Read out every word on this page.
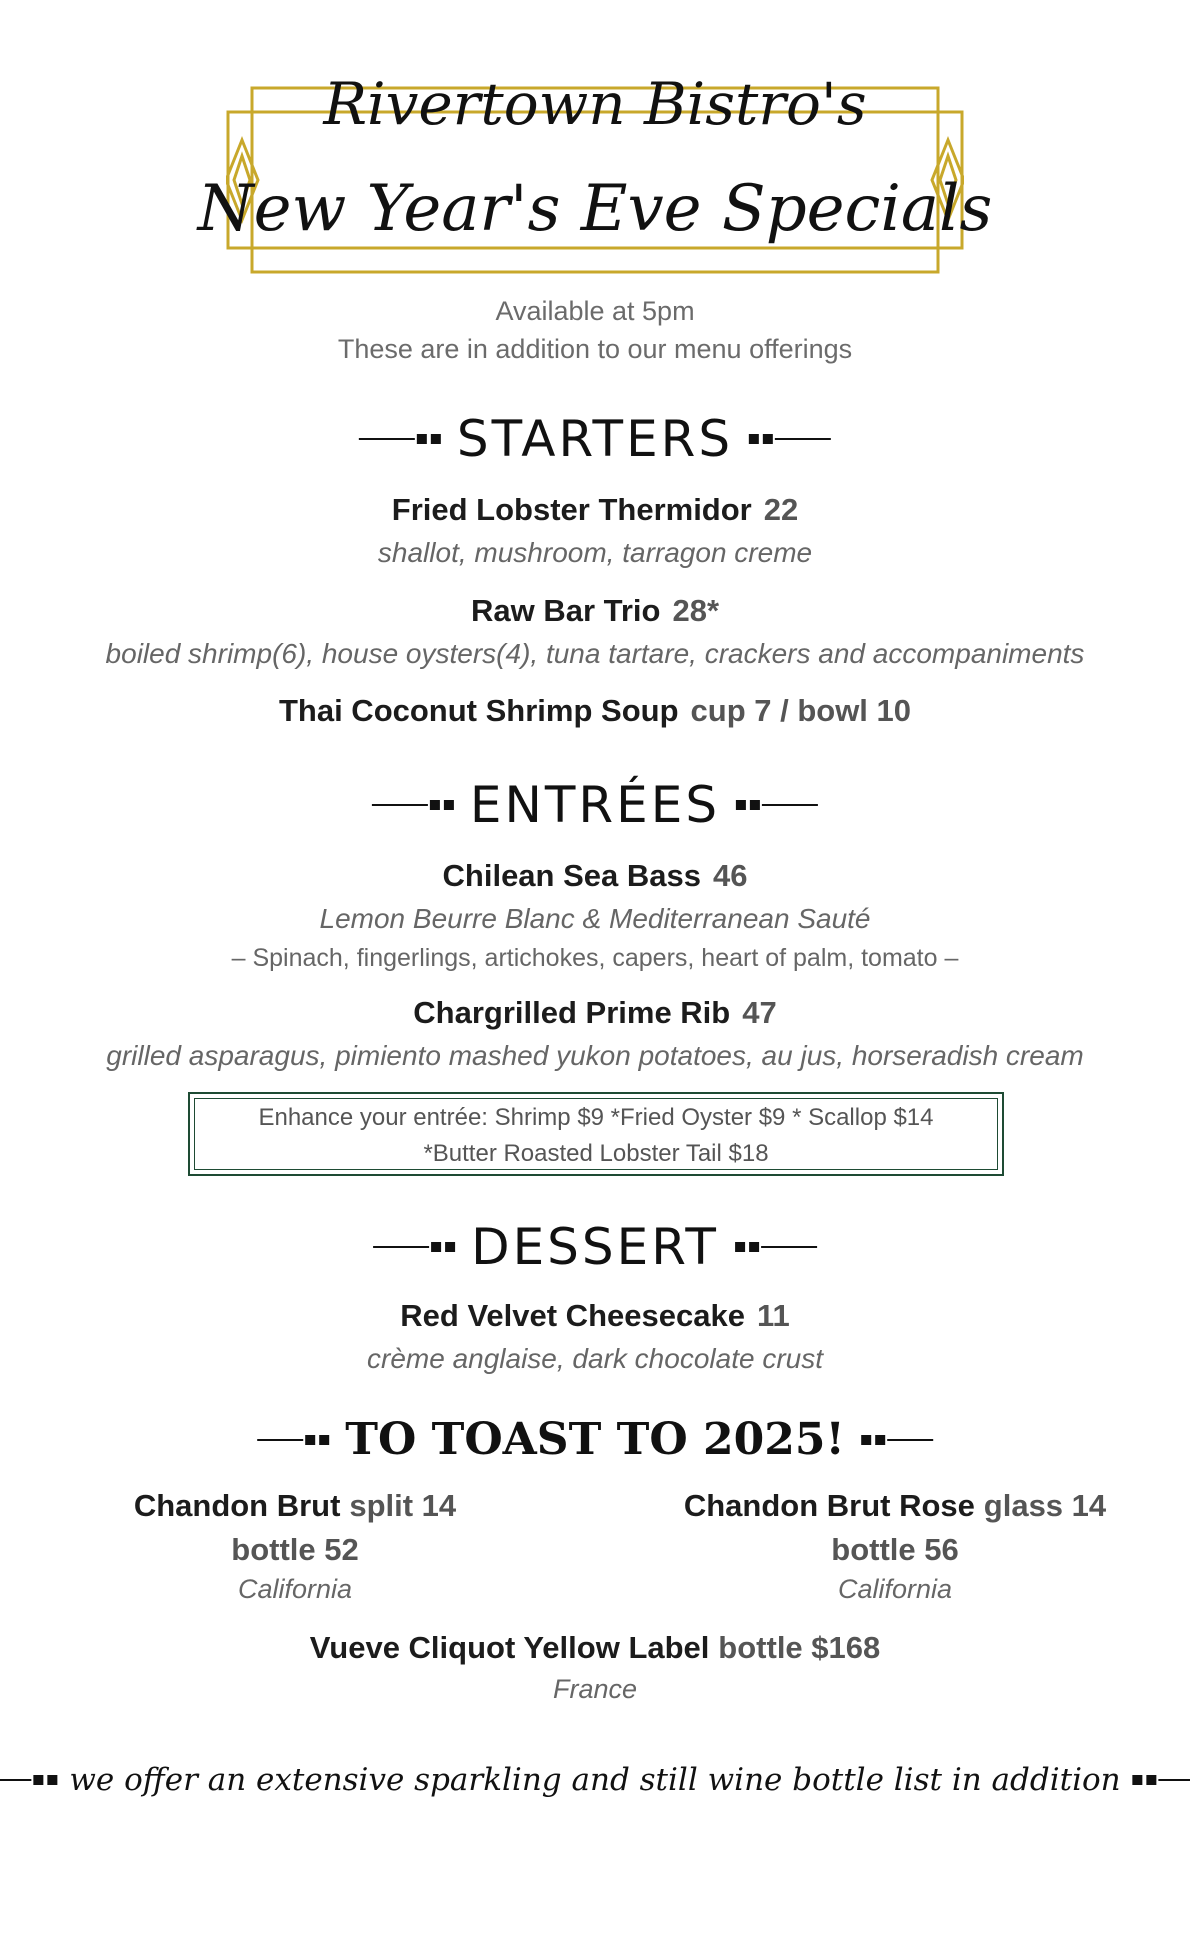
Rivertown Bistro's
New Year's Eve Specials
Available at 5pm
These are in addition to our menu offerings
STARTERS
Fried Lobster Thermidor 22
shallot, mushroom, tarragon creme
Raw Bar Trio 28*
boiled shrimp(6), house oysters(4), tuna tartare, crackers and accompaniments
Thai Coconut Shrimp Soup cup 7 / bowl 10
ENTRÉES
Chilean Sea Bass 46
Lemon Beurre Blanc & Mediterranean Sauté
– Spinach, fingerlings, artichokes, capers, heart of palm, tomato –
Chargrilled Prime Rib 47
grilled asparagus, pimiento mashed yukon potatoes, au jus, horseradish cream
Enhance your entrée: Shrimp $9 *Fried Oyster $9 * Scallop $14
*Butter Roasted Lobster Tail $18
DESSERT
Red Velvet Cheesecake 11
crème anglaise, dark chocolate crust
TO TOAST TO 2025!
Chandon Brut split 14
bottle 52
California
Chandon Brut Rose glass 14
bottle 56
California
Vueve Cliquot Yellow Label bottle $168
France
we offer an extensive sparkling and still wine bottle list in addition
